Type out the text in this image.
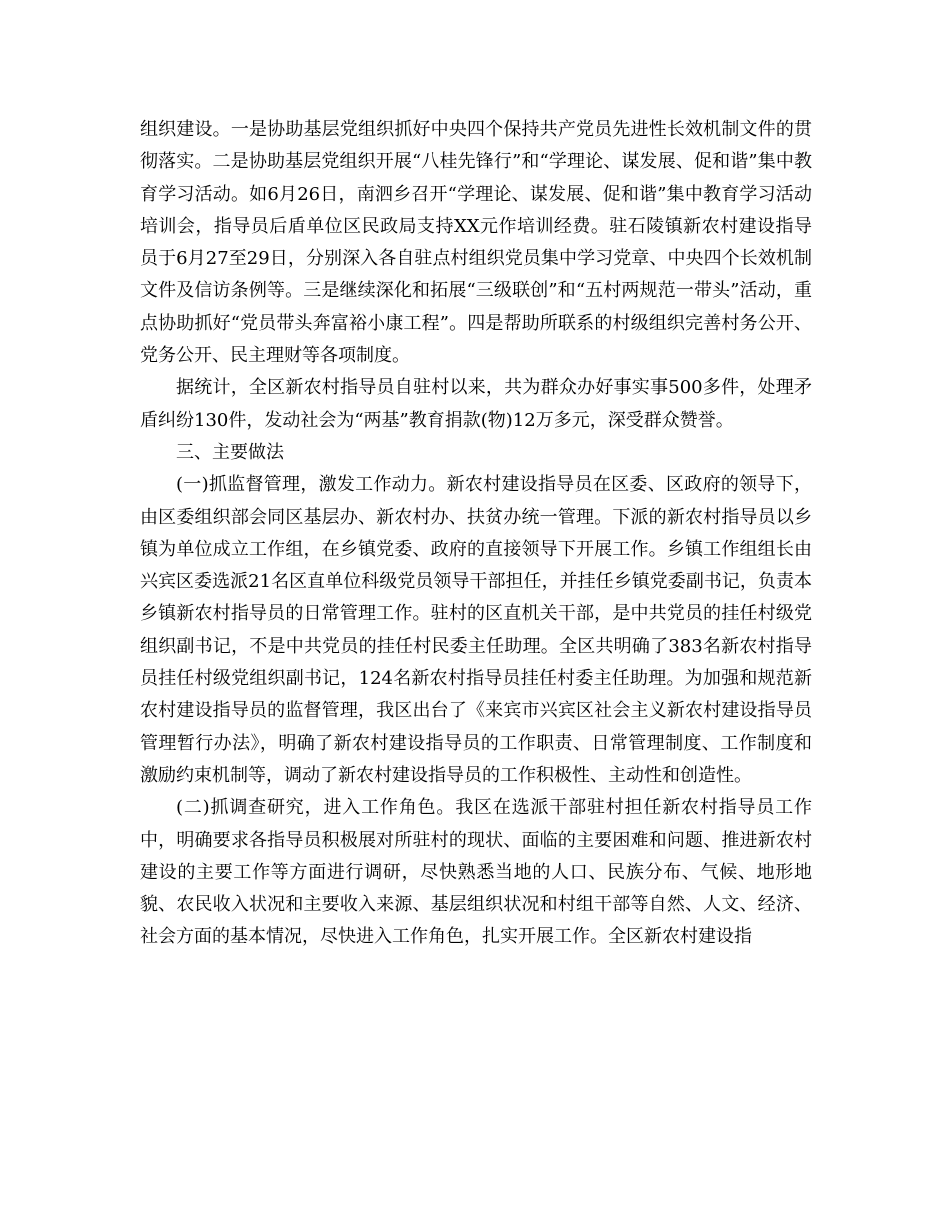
组织建设。一是协助基层党组织抓好中央四个保持共产党员先进性长效机制文件的贯彻落实。二是协助基层党组织开展“八桂先锋行”和“学理论、谋发展、促和谐”集中教育学习活动。如6月26日，南泗乡召开“学理论、谋发展、促和谐”集中教育学习活动培训会，指导员后盾单位区民政局支持XX元作培训经费。驻石陵镇新农村建设指导员于6月27至29日，分别深入各自驻点村组织党员集中学习党章、中央四个长效机制文件及信访条例等。三是继续深化和拓展“三级联创”和“五村两规范一带头”活动，重点协助抓好“党员带头奔富裕小康工程”。四是帮助所联系的村级组织完善村务公开、党务公开、民主理财等各项制度。

据统计，全区新农村指导员自驻村以来，共为群众办好事实事500多件，处理矛盾纠纷130件，发动社会为“两基”教育捐款(物)12万多元，深受群众赞誉。

三、主要做法

(一)抓监督管理，激发工作动力。新农村建设指导员在区委、区政府的领导下，由区委组织部会同区基层办、新农村办、扶贫办统一管理。下派的新农村指导员以乡镇为单位成立工作组，在乡镇党委、政府的直接领导下开展工作。乡镇工作组组长由兴宾区委选派21名区直单位科级党员领导干部担任，并挂任乡镇党委副书记，负责本乡镇新农村指导员的日常管理工作。驻村的区直机关干部，是中共党员的挂任村级党组织副书记，不是中共党员的挂任村民委主任助理。全区共明确了383名新农村指导员挂任村级党组织副书记，124名新农村指导员挂任村委主任助理。为加强和规范新农村建设指导员的监督管理，我区出台了《来宾市兴宾区社会主义新农村建设指导员管理暂行办法》，明确了新农村建设指导员的工作职责、日常管理制度、工作制度和激励约束机制等，调动了新农村建设指导员的工作积极性、主动性和创造性。

(二)抓调查研究，进入工作角色。我区在选派干部驻村担任新农村指导员工作中，明确要求各指导员积极展对所驻村的现状、面临的主要困难和问题、推进新农村建设的主要工作等方面进行调研，尽快熟悉当地的人口、民族分布、气候、地形地貌、农民收入状况和主要收入来源、基层组织状况和村组干部等自然、人文、经济、社会方面的基本情况，尽快进入工作角色，扎实开展工作。全区新农村建设指
